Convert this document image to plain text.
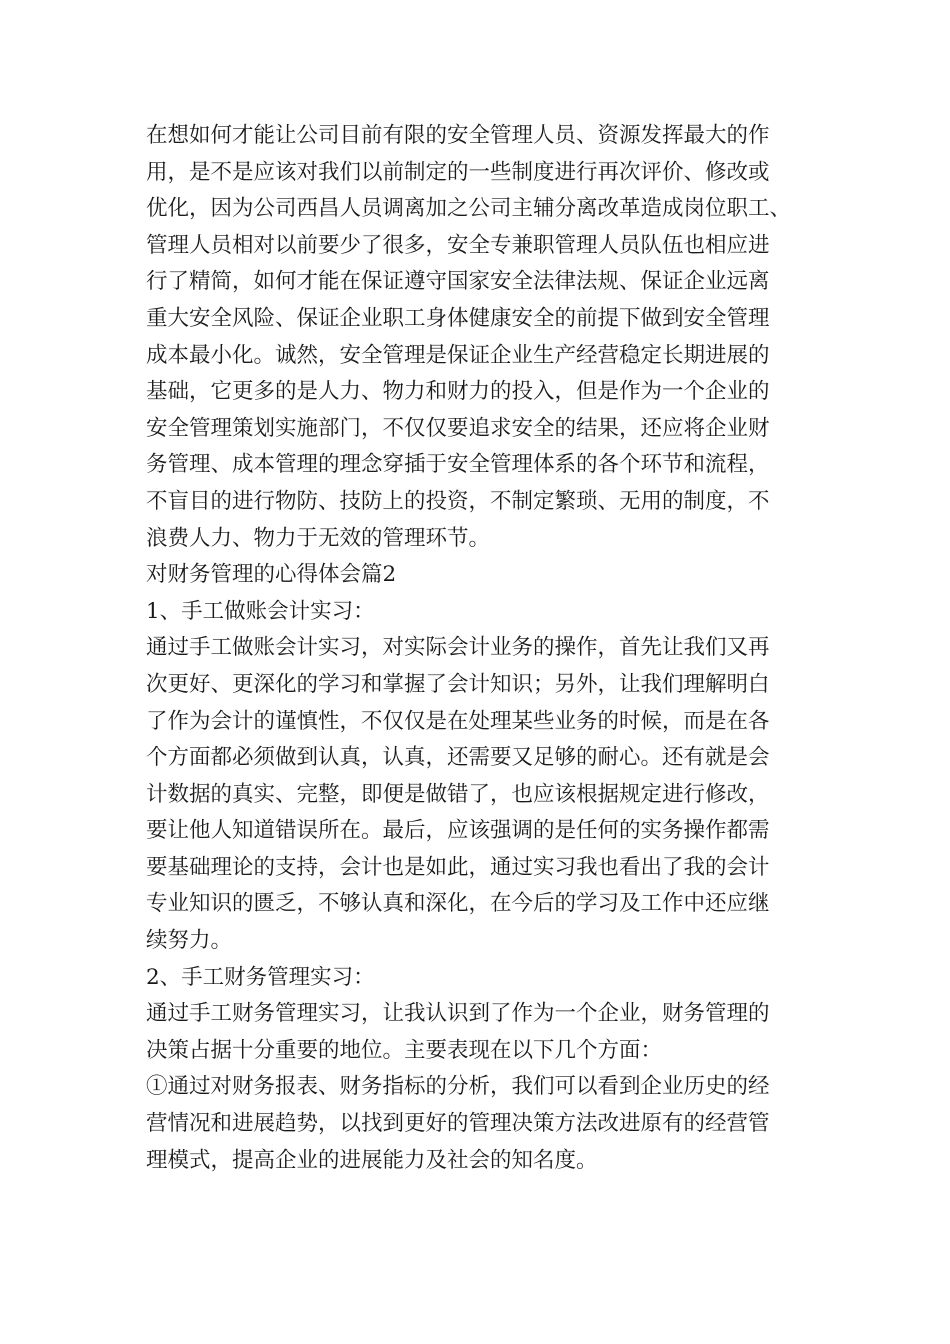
在想如何才能让公司目前有限的安全管理人员、资源发挥最大的作
用，是不是应该对我们以前制定的一些制度进行再次评价、修改或
优化，因为公司西昌人员调离加之公司主辅分离改革造成岗位职工、
管理人员相对以前要少了很多，安全专兼职管理人员队伍也相应进
行了精简，如何才能在保证遵守国家安全法律法规、保证企业远离
重大安全风险、保证企业职工身体健康安全的前提下做到安全管理
成本最小化。诚然，安全管理是保证企业生产经营稳定长期进展的
基础，它更多的是人力、物力和财力的投入，但是作为一个企业的
安全管理策划实施部门，不仅仅要追求安全的结果，还应将企业财
务管理、成本管理的理念穿插于安全管理体系的各个环节和流程，
不盲目的进行物防、技防上的投资，不制定繁琐、无用的制度，不
浪费人力、物力于无效的管理环节。
对财务管理的心得体会篇2
1、手工做账会计实习：
通过手工做账会计实习，对实际会计业务的操作，首先让我们又再
次更好、更深化的学习和掌握了会计知识；另外，让我们理解明白
了作为会计的谨慎性，不仅仅是在处理某些业务的时候，而是在各
个方面都必须做到认真，认真，还需要又足够的耐心。还有就是会
计数据的真实、完整，即便是做错了，也应该根据规定进行修改，
要让他人知道错误所在。最后，应该强调的是任何的实务操作都需
要基础理论的支持，会计也是如此，通过实习我也看出了我的会计
专业知识的匮乏，不够认真和深化，在今后的学习及工作中还应继
续努力。
2、手工财务管理实习：
通过手工财务管理实习，让我认识到了作为一个企业，财务管理的
决策占据十分重要的地位。主要表现在以下几个方面：
①通过对财务报表、财务指标的分析，我们可以看到企业历史的经
营情况和进展趋势，以找到更好的管理决策方法改进原有的经营管
理模式，提高企业的进展能力及社会的知名度。
